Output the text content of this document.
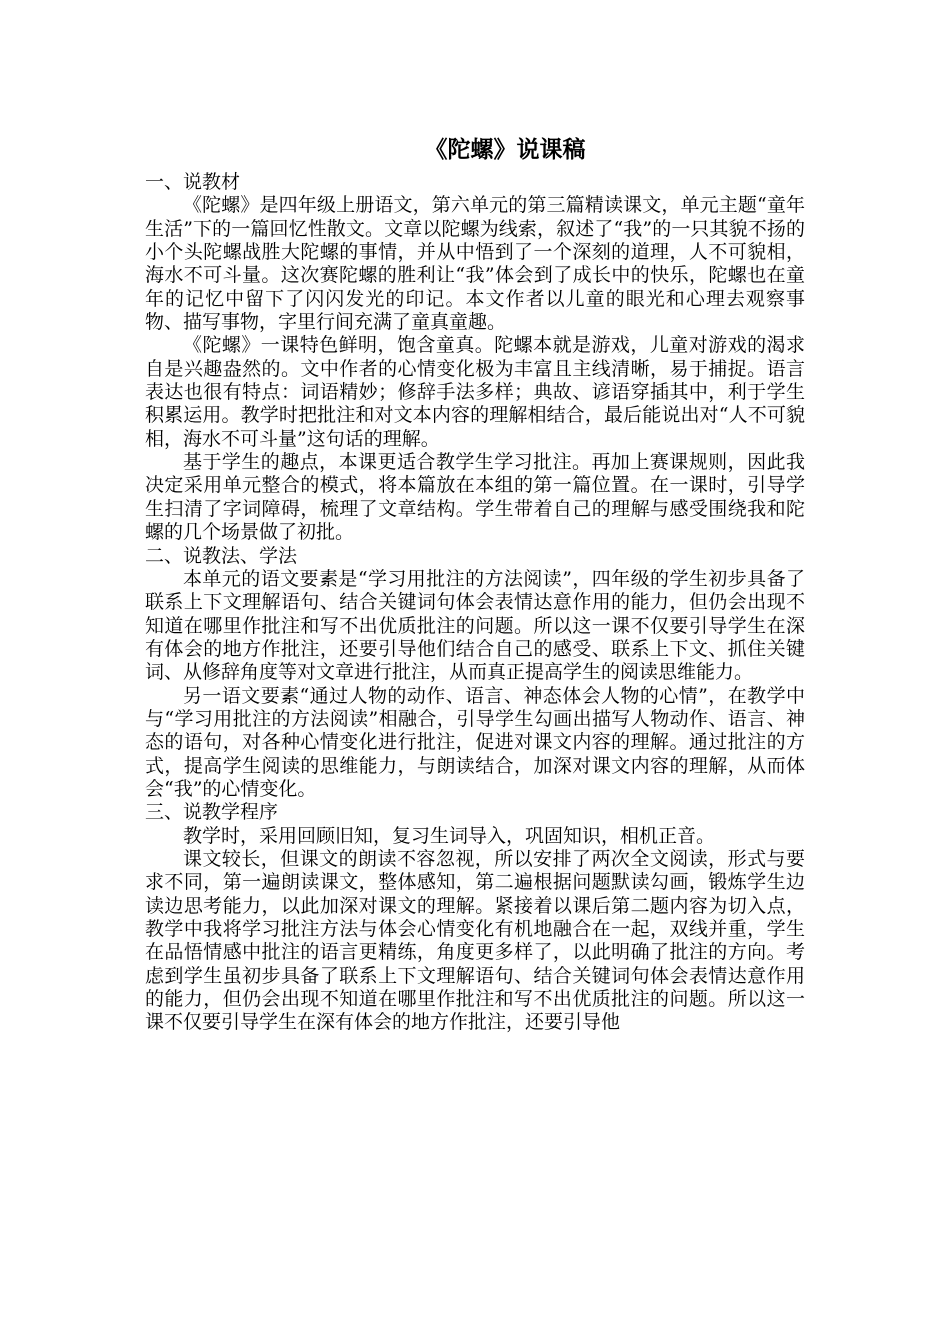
《陀螺》说课稿

一、说教材

《陀螺》是四年级上册语文，第六单元的第三篇精读课文，单元主题“童年生活”下的一篇回忆性散文。文章以陀螺为线索，叙述了“我”的一只其貌不扬的小个头陀螺战胜大陀螺的事情，并从中悟到了一个深刻的道理，人不可貌相，海水不可斗量。这次赛陀螺的胜利让“我”体会到了成长中的快乐，陀螺也在童年的记忆中留下了闪闪发光的印记。本文作者以儿童的眼光和心理去观察事物、描写事物，字里行间充满了童真童趣。

《陀螺》一课特色鲜明，饱含童真。陀螺本就是游戏，儿童对游戏的渴求自是兴趣盎然的。文中作者的心情变化极为丰富且主线清晰，易于捕捉。语言表达也很有特点：词语精妙；修辞手法多样；典故、谚语穿插其中，利于学生积累运用。教学时把批注和对文本内容的理解相结合，最后能说出对“人不可貌相，海水不可斗量”这句话的理解。

基于学生的趣点，本课更适合教学生学习批注。再加上赛课规则，因此我决定采用单元整合的模式，将本篇放在本组的第一篇位置。在一课时，引导学生扫清了字词障碍，梳理了文章结构。学生带着自己的理解与感受围绕我和陀螺的几个场景做了初批。

二、说教法、学法

本单元的语文要素是“学习用批注的方法阅读”，四年级的学生初步具备了联系上下文理解语句、结合关键词句体会表情达意作用的能力，但仍会出现不知道在哪里作批注和写不出优质批注的问题。所以这一课不仅要引导学生在深有体会的地方作批注，还要引导他们结合自己的感受、联系上下文、抓住关键词、从修辞角度等对文章进行批注，从而真正提高学生的阅读思维能力。

另一语文要素“通过人物的动作、语言、神态体会人物的心情”，在教学中与“学习用批注的方法阅读”相融合，引导学生勾画出描写人物动作、语言、神态的语句，对各种心情变化进行批注，促进对课文内容的理解。通过批注的方式，提高学生阅读的思维能力，与朗读结合，加深对课文内容的理解，从而体会“我”的心情变化。

三、说教学程序

教学时，采用回顾旧知，复习生词导入，巩固知识，相机正音。

课文较长，但课文的朗读不容忽视，所以安排了两次全文阅读，形式与要求不同，第一遍朗读课文，整体感知，第二遍根据问题默读勾画，锻炼学生边读边思考能力，以此加深对课文的理解。紧接着以课后第二题内容为切入点，教学中我将学习批注方法与体会心情变化有机地融合在一起，双线并重，学生在品悟情感中批注的语言更精练，角度更多样了，以此明确了批注的方向。考虑到学生虽初步具备了联系上下文理解语句、结合关键词句体会表情达意作用的能力，但仍会出现不知道在哪里作批注和写不出优质批注的问题。所以这一课不仅要引导学生在深有体会的地方作批注，还要引导他
